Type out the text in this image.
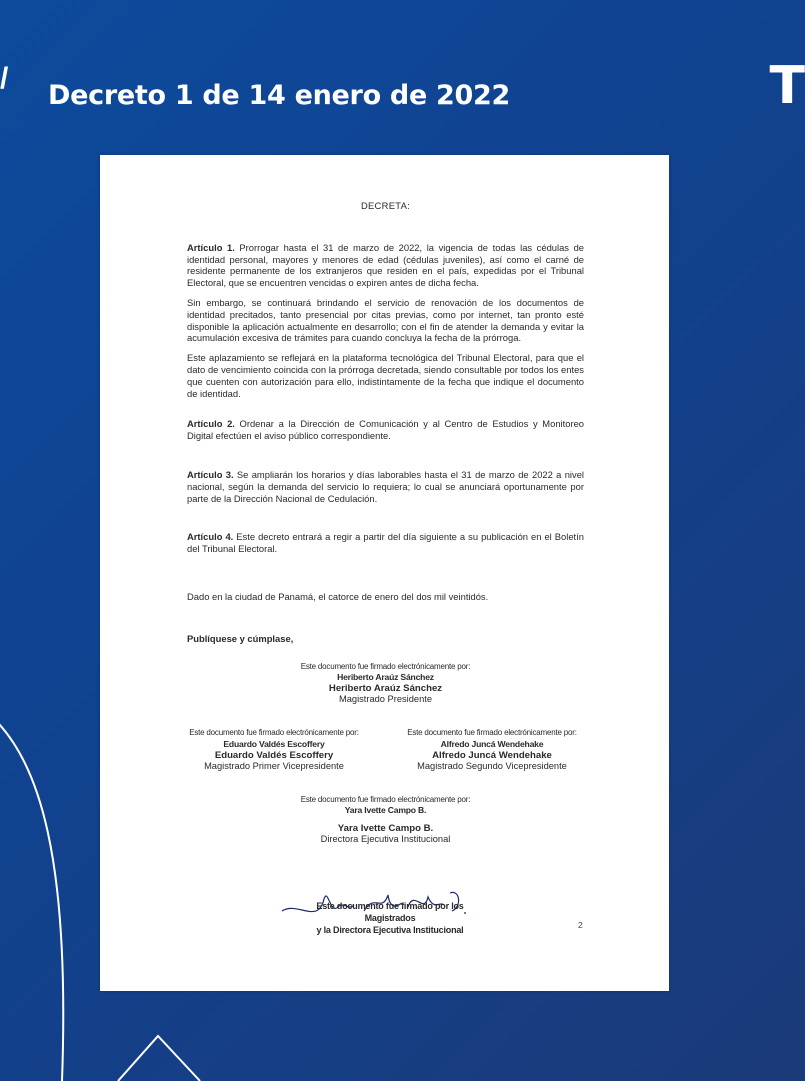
/	T
Decreto 1 de 14 enero de 2022
DECRETA:

Artículo 1. Prorrogar hasta el 31 de marzo de 2022, la vigencia de todas las cédulas de identidad personal, mayores y menores de edad (cédulas juveniles), así como el carné de residente permanente de los extranjeros que residen en el país, expedidas por el Tribunal Electoral, que se encuentren vencidas o expiren antes de dicha fecha.

Sin embargo, se continuará brindando el servicio de renovación de los documentos de identidad precitados, tanto presencial por citas previas, como por internet, tan pronto esté disponible la aplicación actualmente en desarrollo; con el fin de atender la demanda y evitar la acumulación excesiva de trámites para cuando concluya la fecha de la prórroga.

Este aplazamiento se reflejará en la plataforma tecnológica del Tribunal Electoral, para que el dato de vencimiento coincida con la prórroga decretada, siendo consultable por todos los entes que cuenten con autorización para ello, indistintamente de la fecha que indique el documento de identidad.

Artículo 2. Ordenar a la Dirección de Comunicación y al Centro de Estudios y Monitoreo Digital efectúen el aviso público correspondiente.

Artículo 3. Se ampliarán los horarios y días laborables hasta el 31 de marzo de 2022 a nivel nacional, según la demanda del servicio lo requiera; lo cual se anunciará oportunamente por parte de la Dirección Nacional de Cedulación.

Artículo 4. Este decreto entrará a regir a partir del día siguiente a su publicación en el Boletín del Tribunal Electoral.

Dado en la ciudad de Panamá, el catorce de enero del dos mil veintidós.

Publíquese y cúmplase,
Este documento fue firmado electrónicamente por:
Heriberto Araúz Sánchez
Heriberto Araúz Sánchez
Magistrado Presidente
Este documento fue firmado electrónicamente por:
Eduardo Valdés Escoffery
Eduardo Valdés Escoffery
Magistrado Primer Vicepresidente
Este documento fue firmado electrónicamente por:
Alfredo Juncá Wendehake
Alfredo Juncá Wendehake
Magistrado Segundo Vicepresidente
Este documento fue firmado electrónicamente por:
Yara Ivette Campo B.
Yara Ivette Campo B.
Directora Ejecutiva Institucional
Este documento fue firmado por los Magistrados
y la Directora Ejecutiva Institucional	2
